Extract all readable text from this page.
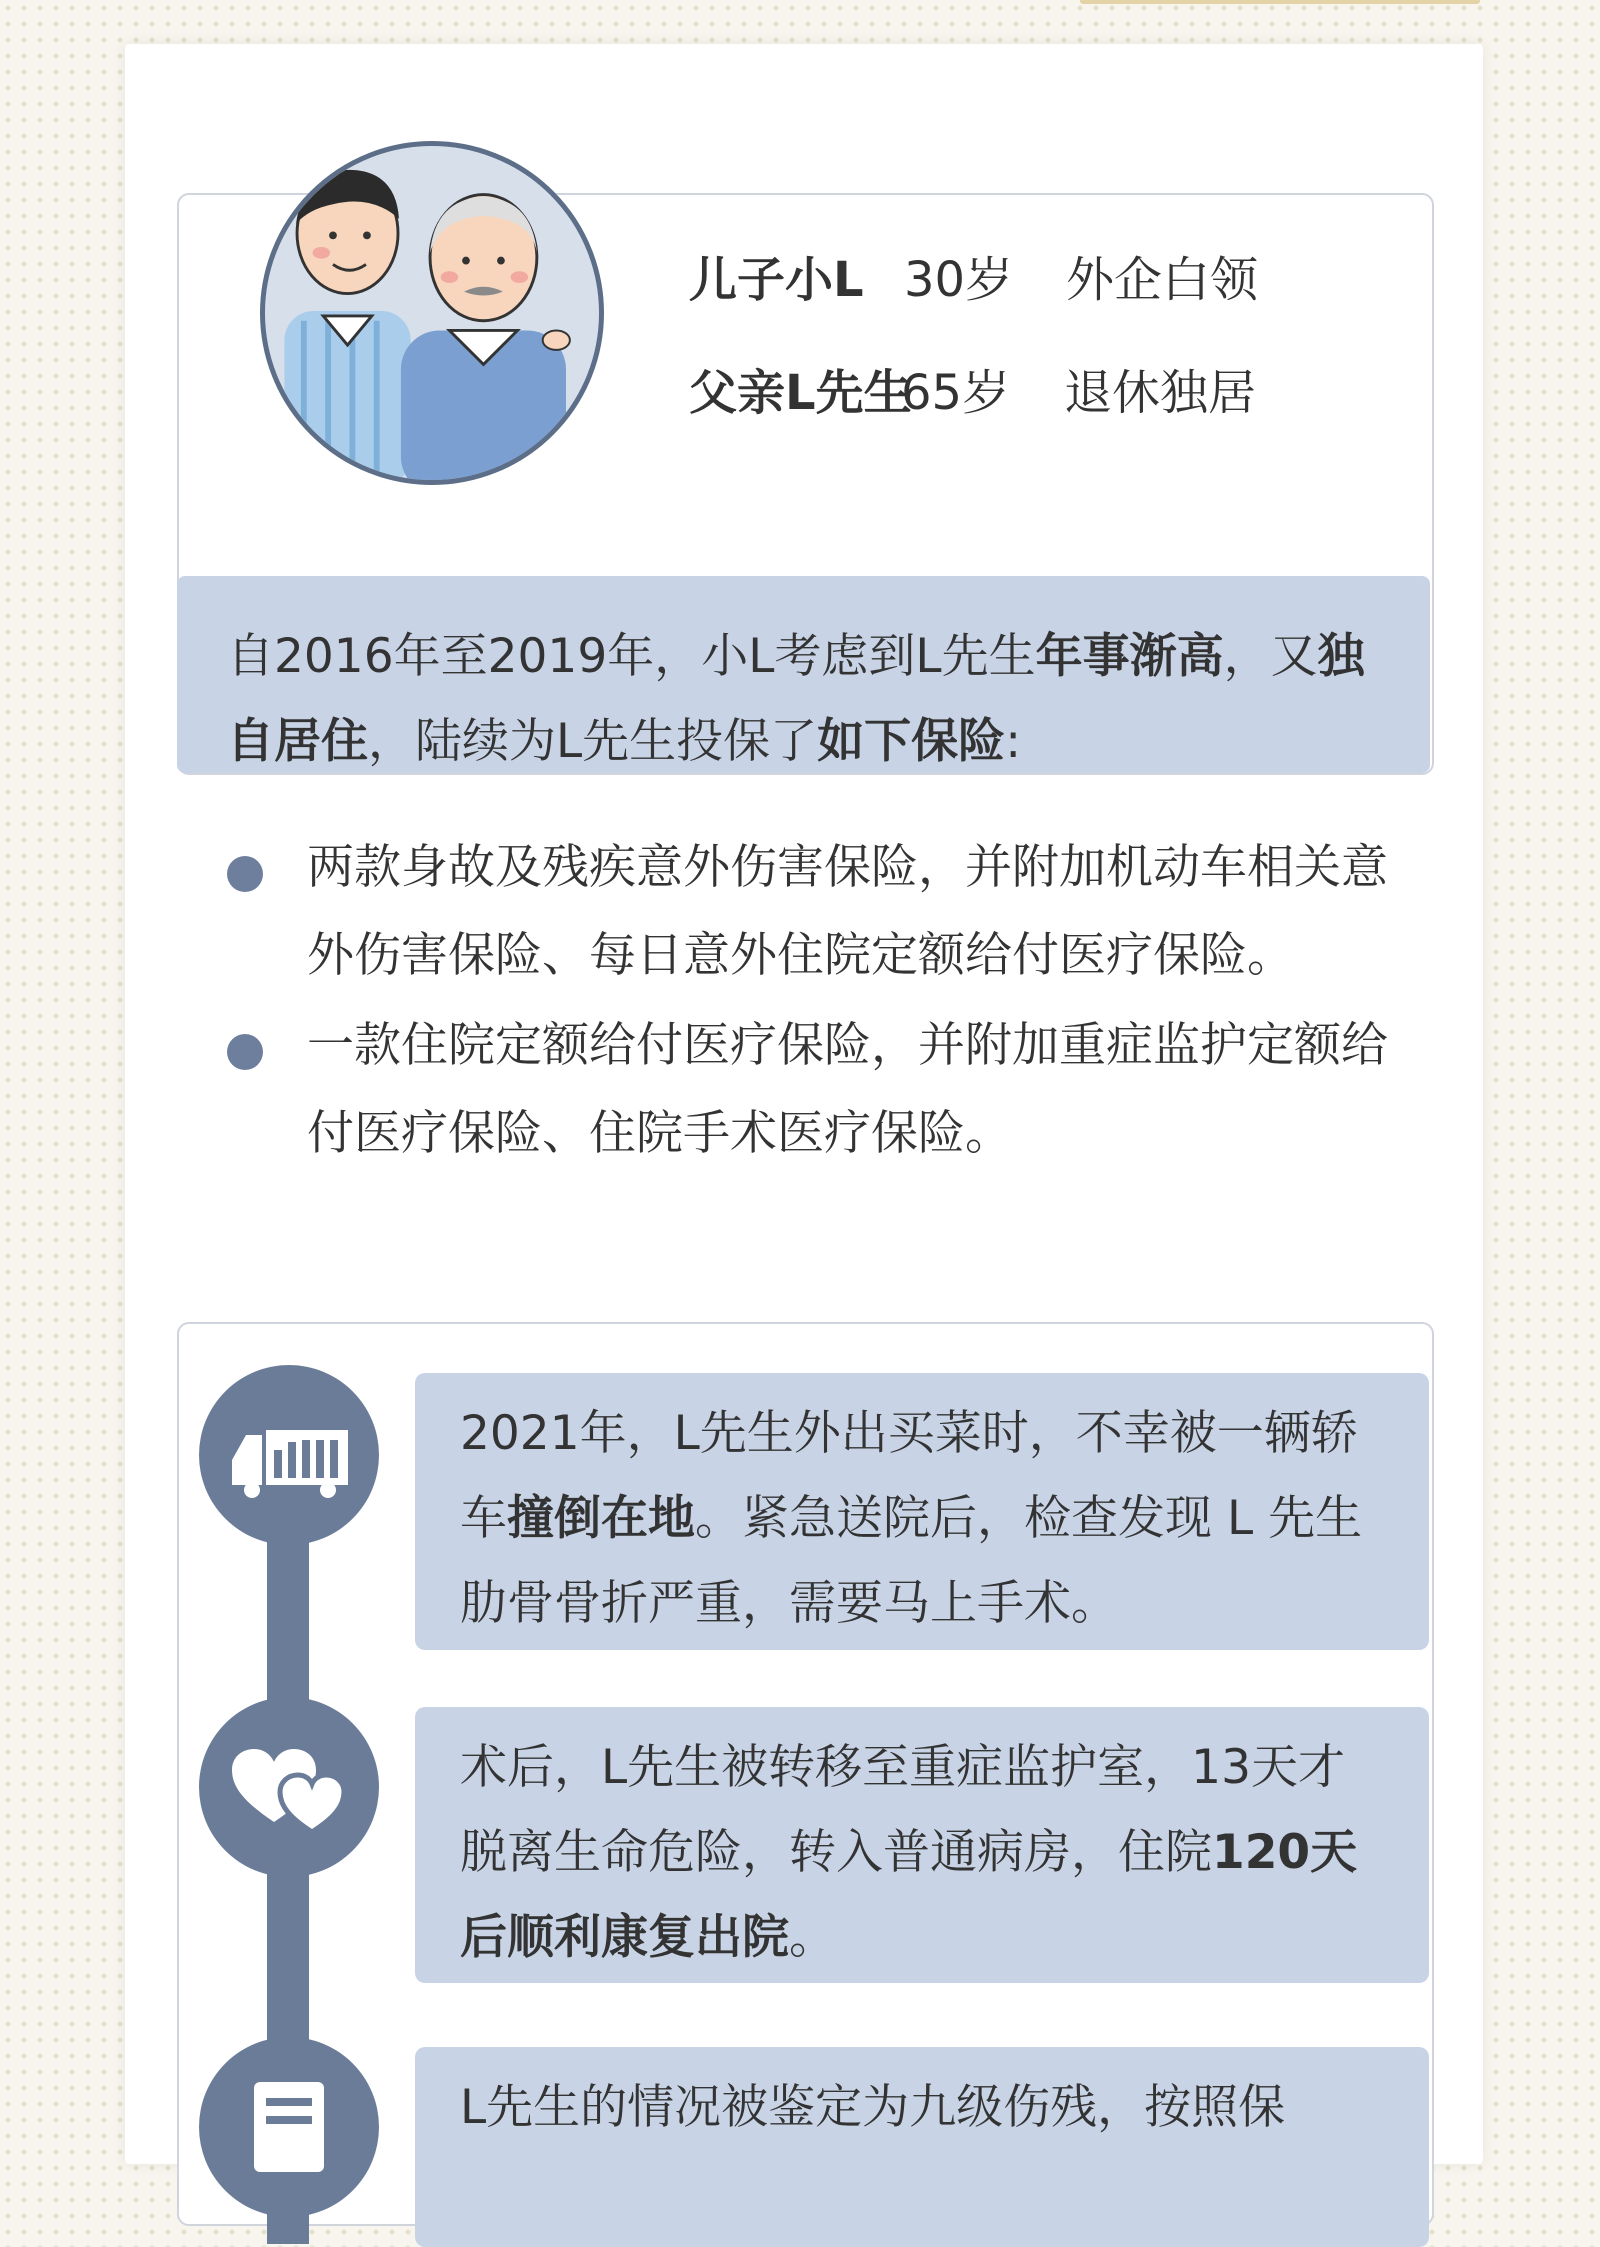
儿子小L 30岁 外企白领
父亲L先生
65岁 退休独居
自2016年至2019年，小L考虑到L先生年事渐高，又独自居住，陆续为L先生投保了如下保险:
两款身故及残疾意外伤害保险，并附加机动车相关意外伤害保险、每日意外住院定额给付医疗保险。
一款住院定额给付医疗保险，并附加重症监护定额给付医疗保险、住院手术医疗保险。
2021年，L先生外出买菜时，不幸被一辆轿车撞倒在地。紧急送院后，检查发现 L 先生肋骨骨折严重，需要马上手术。
术后，L先生被转移至重症监护室，13天才脱离生命危险，转入普通病房，住院120天后顺利康复出院。
L先生的情况被鉴定为九级伤残，按照保
